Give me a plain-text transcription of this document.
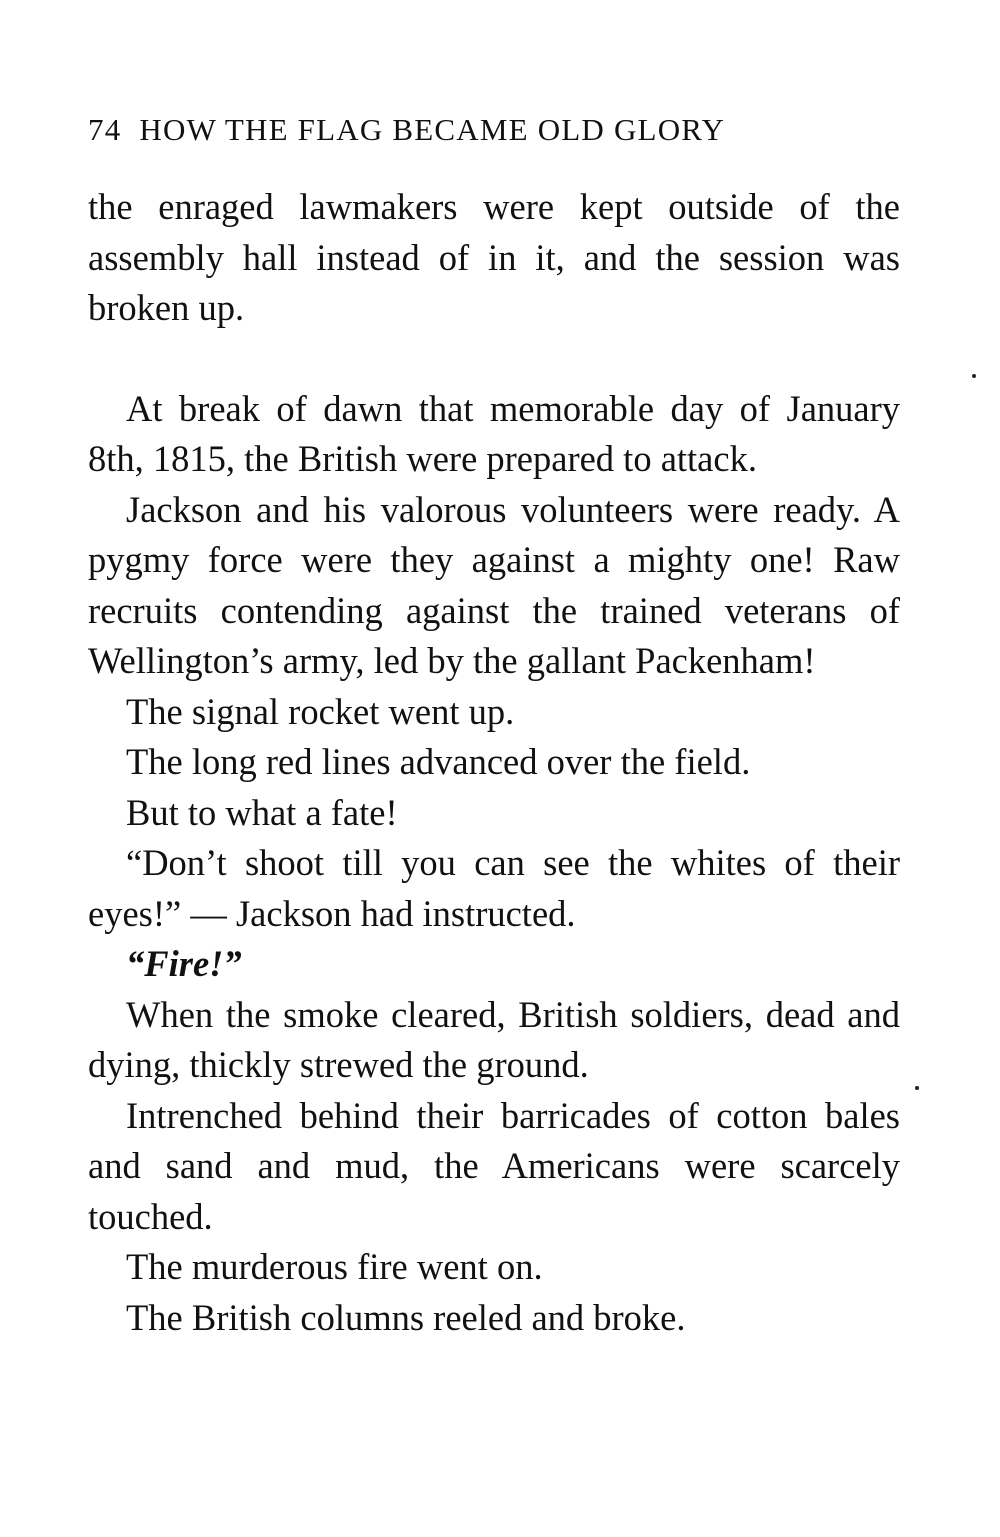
74 HOW THE FLAG BECAME OLD GLORY

the enraged lawmakers were kept outside of the assembly hall instead of in it, and the session was broken up.

At break of dawn that memorable day of January 8th, 1815, the British were prepared to attack.

Jackson and his valorous volunteers were ready. A pygmy force were they against a mighty one! Raw recruits contending against the trained veterans of Wellington’s army, led by the gallant Packenham!

The signal rocket went up.

The long red lines advanced over the field.

But to what a fate!

“Don’t shoot till you can see the whites of their eyes!” — Jackson had instructed.

“Fire!”

When the smoke cleared, British soldiers, dead and dying, thickly strewed the ground.

Intrenched behind their barricades of cotton bales and sand and mud, the Americans were scarcely touched.

The murderous fire went on.

The British columns reeled and broke.
